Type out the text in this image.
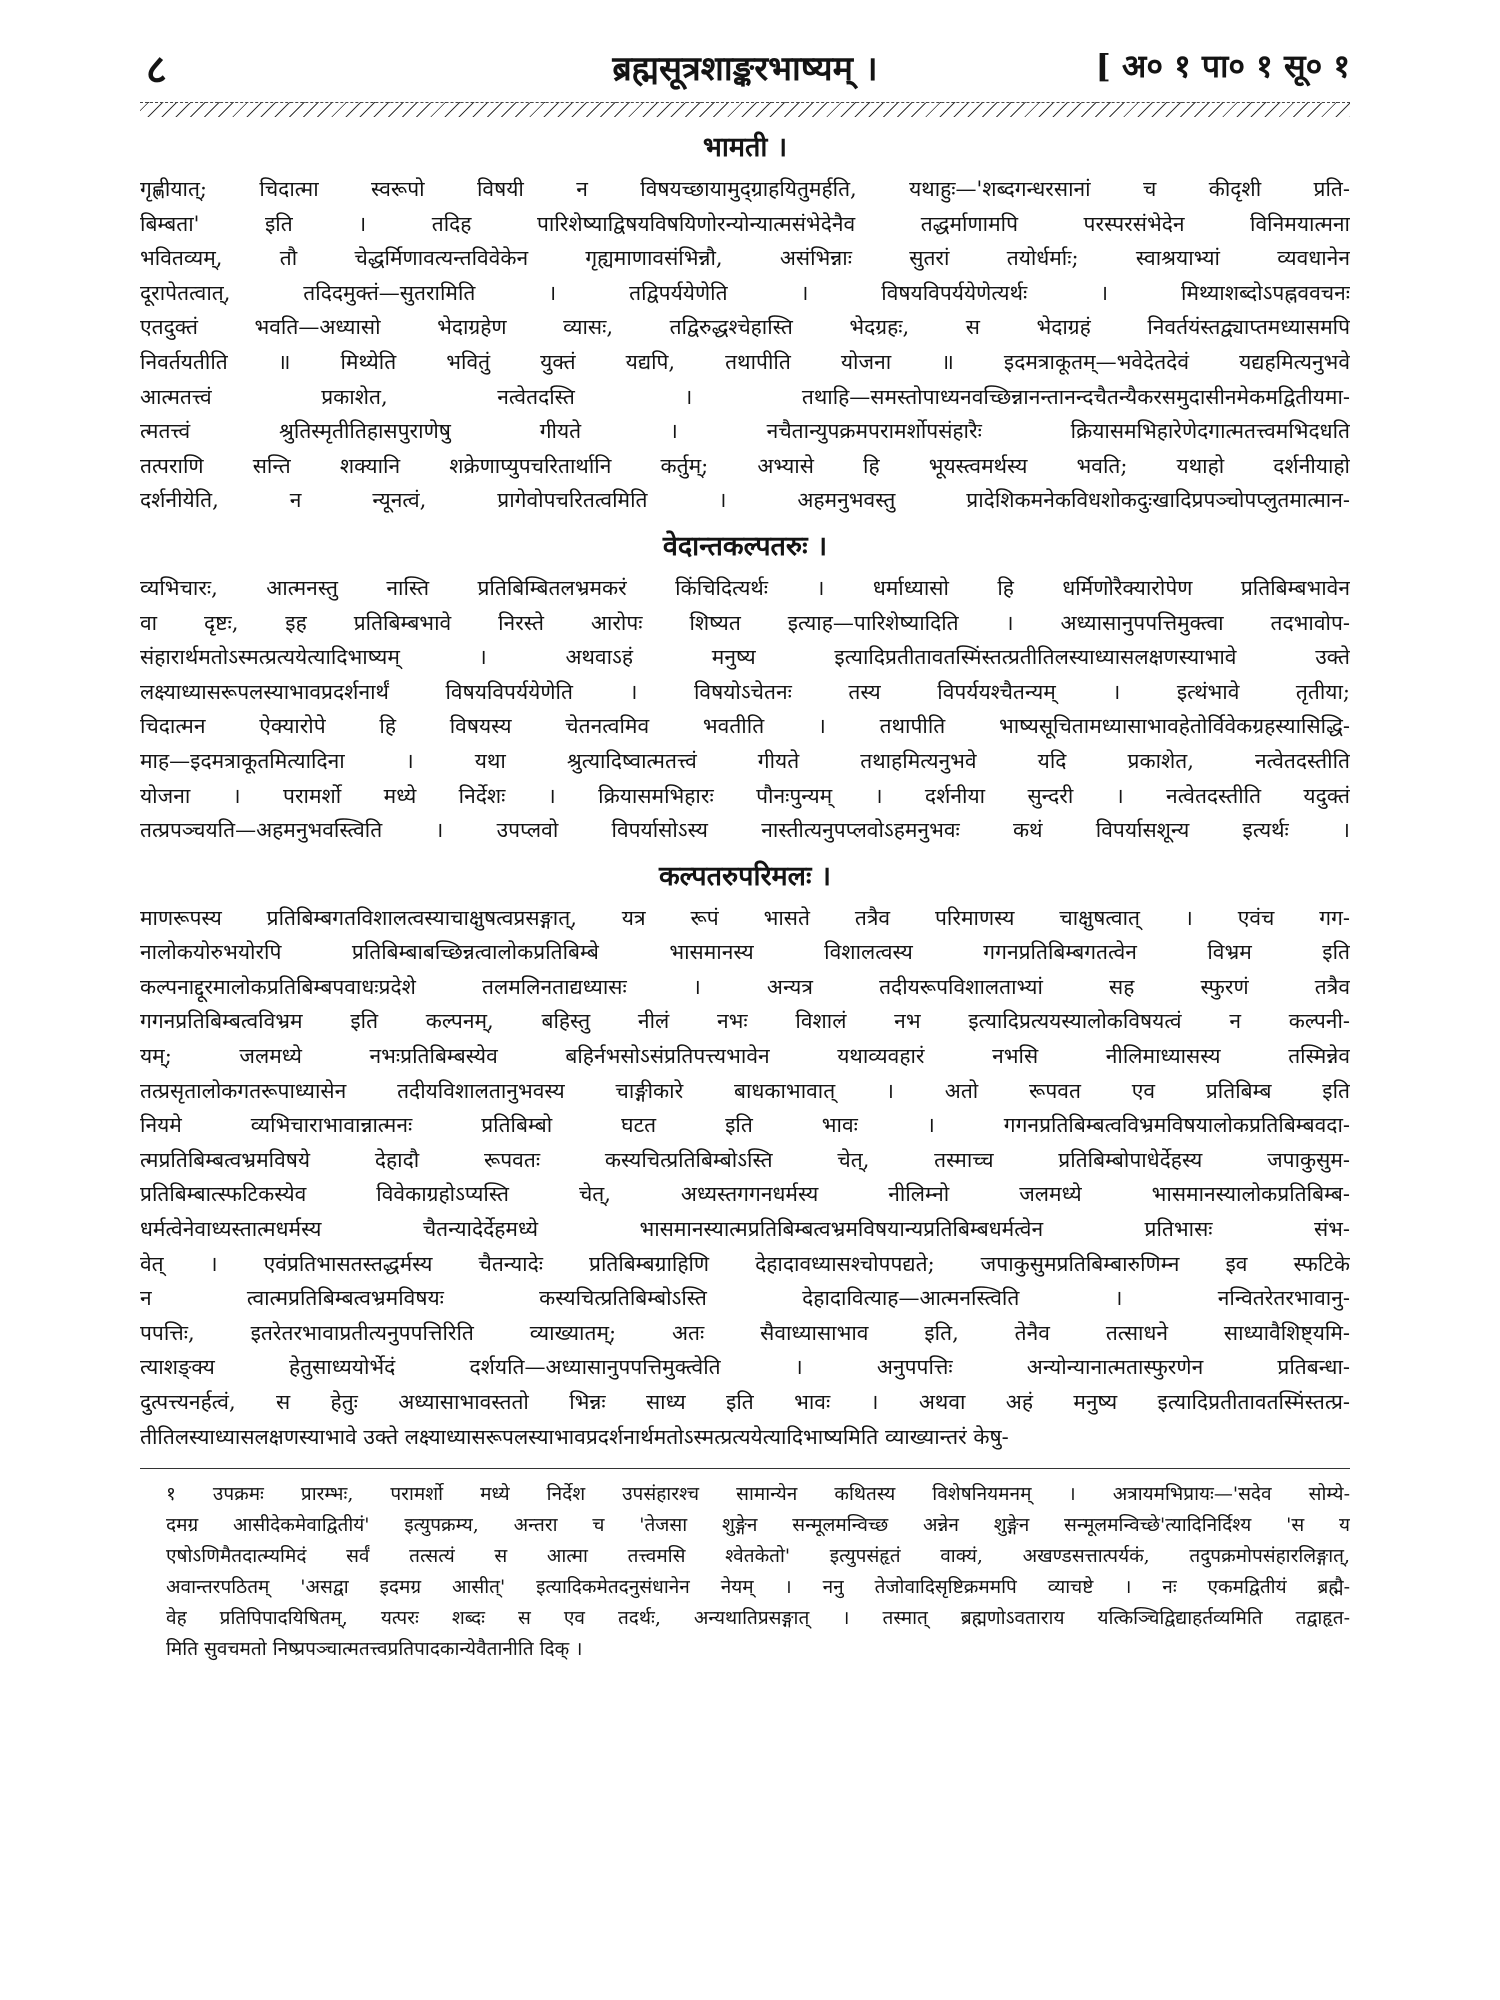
८	ब्रह्मसूत्रशाङ्करभाष्यम् ।	[ अ० १ पा० १ सू० १
भामती ।
गृह्णीयात्; चिदात्मा स्वरूपो विषयी न विषयच्छायामुद्ग्राहयितुमर्हति, यथाहुः—'शब्दगन्धरसानां च कीदृशी प्रति-
बिम्बता' इति । तदिह पारिशेष्याद्विषयविषयिणोरन्योन्यात्मसंभेदेनैव तद्धर्माणामपि परस्परसंभेदेन विनिमयात्मना
भवितव्यम्, तौ चेद्धर्मिणावत्यन्तविवेकेन गृह्यमाणावसंभिन्नौ, असंभिन्नाः सुतरां तयोर्धर्माः; स्वाश्रयाभ्यां व्यवधानेन
दूरापेतत्वात्, तदिदमुक्तं—सुतरामिति । तद्विपर्ययेणेति । विषयविपर्ययेणेत्यर्थः । मिथ्याशब्दोऽपह्नववचनः
एतदुक्तं भवति—अध्यासो भेदाग्रहेण व्यासः, तद्विरुद्धश्चेहास्ति भेदग्रहः, स भेदाग्रहं निवर्तयंस्तद्व्याप्तमध्यासमपि
निवर्तयतीति ॥ मिथ्येति भवितुं युक्तं यद्यपि, तथापीति योजना ॥ इदमत्राकूतम्—भवेदेतदेवं यद्यहमित्यनुभवे
आत्मतत्त्वं प्रकाशेत, नत्वेतदस्ति । तथाहि—समस्तोपाध्यनवच्छिन्नानन्तानन्दचैतन्यैकरसमुदासीनमेकमद्वितीयमा-
त्मतत्त्वं श्रुतिस्मृतीतिहासपुराणेषु गीयते । नचैतान्युपक्रमपरामर्शोपसंहारैः क्रियासमभिहारेणेदगात्मतत्त्वमभिदधति
तत्पराणि सन्ति शक्यानि शक्रेणाप्युपचरितार्थानि कर्तुम्; अभ्यासे हि भूयस्त्वमर्थस्य भवति; यथाहो दर्शनीयाहो
दर्शनीयेति, न न्यूनत्वं, प्रागेवोपचरितत्वमिति । अहमनुभवस्तु प्रादेशिकमनेकविधशोकदुःखादिप्रपञ्चोपप्लुतमात्मान-
वेदान्तकल्पतरुः ।
व्यभिचारः, आत्मनस्तु नास्ति प्रतिबिम्बितलभ्रमकरं किंचिदित्यर्थः । धर्माध्यासो हि धर्मिणोरैक्यारोपेण प्रतिबिम्बभावेन
वा दृष्टः, इह प्रतिबिम्बभावे निरस्ते आरोपः शिष्यत इत्याह—पारिशेष्यादिति । अध्यासानुपपत्तिमुक्त्वा तदभावोप-
संहारार्थमतोऽस्मत्प्रत्ययेत्यादिभाष्यम् । अथवाऽहं मनुष्य इत्यादिप्रतीतावतस्मिंस्तत्प्रतीतिलस्याध्यासलक्षणस्याभावे उक्ते
लक्ष्याध्यासरूपलस्याभावप्रदर्शनार्थं विषयविपर्ययेणेति । विषयोऽचेतनः तस्य विपर्ययश्चैतन्यम् । इत्थंभावे तृतीया;
चिदात्मन ऐक्यारोपे हि विषयस्य चेतनत्वमिव भवतीति । तथापीति भाष्यसूचितामध्यासाभावहेतोर्विवेकग्रहस्यासिद्धि-
माह—इदमत्राकूतमित्यादिना । यथा श्रुत्यादिष्वात्मतत्त्वं गीयते तथाहमित्यनुभवे यदि प्रकाशेत, नत्वेतदस्तीति
योजना । परामर्शो मध्ये निर्देशः । क्रियासमभिहारः पौनःपुन्यम् । दर्शनीया सुन्दरी । नत्वेतदस्तीति यदुक्तं
तत्प्रपञ्चयति—अहमनुभवस्त्विति । उपप्लवो विपर्यासोऽस्य नास्तीत्यनुपप्लवोऽहमनुभवः कथं विपर्यासशून्य इत्यर्थः ।
कल्पतरुपरिमलः ।
माणरूपस्य प्रतिबिम्बगतविशालत्वस्याचाक्षुषत्वप्रसङ्गात्, यत्र रूपं भासते तत्रैव परिमाणस्य चाक्षुषत्वात् । एवंच गग-
नालोकयोरुभयोरपि प्रतिबिम्बाबच्छिन्नत्वालोकप्रतिबिम्बे भासमानस्य विशालत्वस्य गगनप्रतिबिम्बगतत्वेन विभ्रम इति
कल्पनाद्दूरमालोकप्रतिबिम्बपवाधःप्रदेशे तलमलिनताद्यध्यासः । अन्यत्र तदीयरूपविशालताभ्यां सह स्फुरणं तत्रैव
गगनप्रतिबिम्बत्वविभ्रम इति कल्पनम्, बहिस्तु नीलं नभः विशालं नभ इत्यादिप्रत्ययस्यालोकविषयत्वं न कल्पनी-
यम्; जलमध्ये नभःप्रतिबिम्बस्येव बहिर्नभसोऽसंप्रतिपत्त्यभावेन यथाव्यवहारं नभसि नीलिमाध्यासस्य तस्मिन्नेव
तत्प्रसृतालोकगतरूपाध्यासेन तदीयविशालतानुभवस्य चाङ्गीकारे बाधकाभावात् । अतो रूपवत एव प्रतिबिम्ब इति
नियमे व्यभिचाराभावान्नात्मनः प्रतिबिम्बो घटत इति भावः । गगनप्रतिबिम्बत्वविभ्रमविषयालोकप्रतिबिम्बवदा-
त्मप्रतिबिम्बत्वभ्रमविषये देहादौ रूपवतः कस्यचित्प्रतिबिम्बोऽस्ति चेत्, तस्माच्च प्रतिबिम्बोपाधेर्देहस्य जपाकुसुम-
प्रतिबिम्बात्स्फटिकस्येव विवेकाग्रहोऽप्यस्ति चेत्, अध्यस्तगगनधर्मस्य नीलिम्नो जलमध्ये भासमानस्यालोकप्रतिबिम्ब-
धर्मत्वेनेवाध्यस्तात्मधर्मस्य चैतन्यादेर्देहमध्ये भासमानस्यात्मप्रतिबिम्बत्वभ्रमविषयान्यप्रतिबिम्बधर्मत्वेन प्रतिभासः संभ-
वेत् । एवंप्रतिभासतस्तद्धर्मस्य चैतन्यादेः प्रतिबिम्बग्राहिणि देहादावध्यासश्चोपपद्यते; जपाकुसुमप्रतिबिम्बारुणिम्न इव स्फटिके
न त्वात्मप्रतिबिम्बत्वभ्रमविषयः कस्यचित्प्रतिबिम्बोऽस्ति देहादावित्याह—आत्मनस्त्विति । नन्वितरेतरभावानु-
पपत्तिः, इतरेतरभावाप्रतीत्यनुपपत्तिरिति व्याख्यातम्; अतः सैवाध्यासाभाव इति, तेनैव तत्साधने साध्यावैशिष्ट्यमि-
त्याशङ्क्य हेतुसाध्ययोर्भेदं दर्शयति—अध्यासानुपपत्तिमुक्त्वेति । अनुपपत्तिः अन्योन्यानात्मतास्फुरणेन प्रतिबन्धा-
दुत्पत्त्यनर्हत्वं, स हेतुः अध्यासाभावस्ततो भिन्नः साध्य इति भावः । अथवा अहं मनुष्य इत्यादिप्रतीतावतस्मिंस्तत्प्र-
तीतिलस्याध्यासलक्षणस्याभावे उक्ते लक्ष्याध्यासरूपलस्याभावप्रदर्शनार्थमतोऽस्मत्प्रत्ययेत्यादिभाष्यमिति व्याख्यान्तरं केषु-
१ उपक्रमः प्रारम्भः, परामर्शो मध्ये निर्देश उपसंहारश्च सामान्येन कथितस्य विशेषनियमनम् । अत्रायमभिप्रायः—'सदेव सोम्ये-
दमग्र आसीदेकमेवाद्वितीयं' इत्युपक्रम्य, अन्तरा च 'तेजसा शुङ्गेन सन्मूलमन्विच्छ अन्नेन शुङ्गेन सन्मूलमन्विच्छे'त्यादिनिर्दिश्य 'स य
एषोऽणिमैतदात्म्यमिदं सर्वं तत्सत्यं स आत्मा तत्त्वमसि श्वेतकेतो' इत्युपसंहृतं वाक्यं, अखण्डसत्तात्पर्यकं, तदुपक्रमोपसंहारलिङ्गात्,
अवान्तरपठितम् 'असद्वा इदमग्र आसीत्' इत्यादिकमेतदनुसंधानेन नेयम् । ननु तेजोवादिसृष्टिक्रममपि व्याचष्टे । नः एकमद्वितीयं ब्रह्मै-
वेह प्रतिपिपादयिषितम्, यत्परः शब्दः स एव तदर्थः, अन्यथातिप्रसङ्गात् । तस्मात् ब्रह्मणोऽवताराय यत्किञ्चिद्विद्याहर्तव्यमिति तद्वाहृत-
मिति सुवचमतो निष्प्रपञ्चात्मतत्त्वप्रतिपादकान्येवैतानीति दिक् ।
